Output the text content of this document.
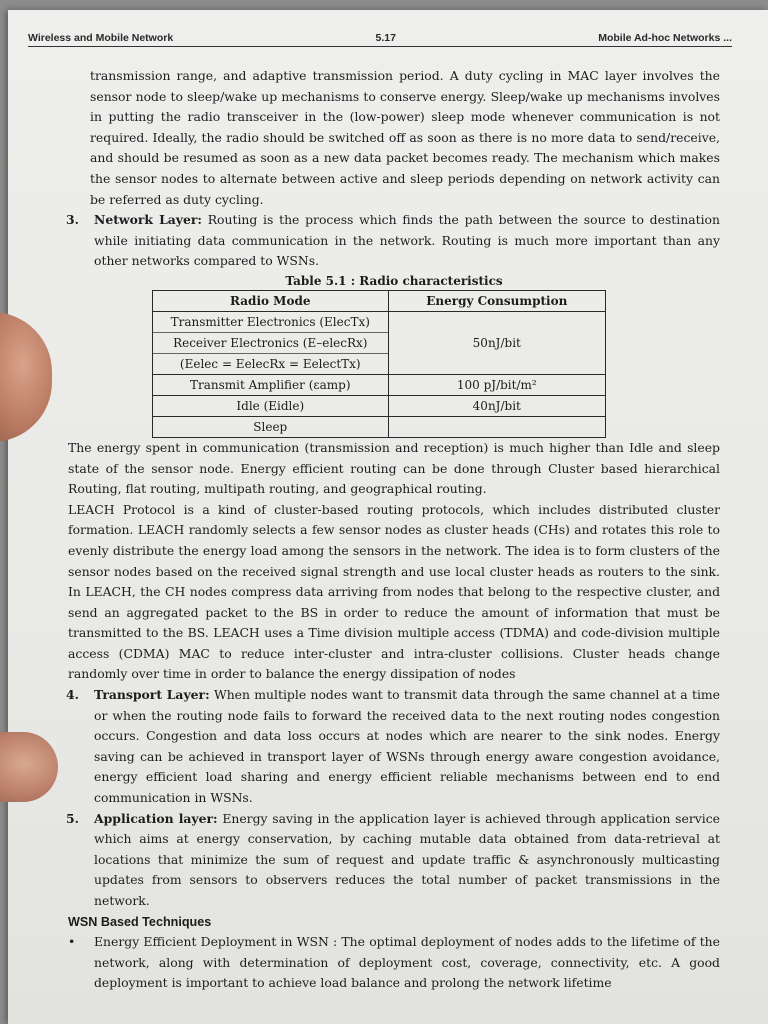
Wireless and Mobile Network	5.17	Mobile Ad-hoc Networks ...

transmission range, and adaptive transmission period. A duty cycling in MAC layer involves the sensor node to sleep/wake up mechanisms to conserve energy. Sleep/wake up mechanisms involves in putting the radio transceiver in the (low-power) sleep mode whenever communication is not required. Ideally, the radio should be switched off as soon as there is no more data to send/receive, and should be resumed as soon as a new data packet becomes ready. The mechanism which makes the sensor nodes to alternate between active and sleep periods depending on network activity can be referred as duty cycling.

3. Network Layer: Routing is the process which finds the path between the source to destination while initiating data communication in the network. Routing is much more important than any other networks compared to WSNs.

Table 5.1 : Radio characteristics

Radio Mode	Energy Consumption

Transmitter Electronics (ElecTx)
Receiver Electronics (E–elecRx)
(Eelec = EelecRx = EelectTx)	50nJ/bit
Transmit Amplifier (εamp)	100 pJ/bit/m²
Idle (Eidle)	40nJ/bit
Sleep	

The energy spent in communication (transmission and reception) is much higher than Idle and sleep state of the sensor node. Energy efficient routing can be done through Cluster based hierarchical Routing, flat routing, multipath routing, and geographical routing.

LEACH Protocol is a kind of cluster-based routing protocols, which includes distributed cluster formation. LEACH randomly selects a few sensor nodes as cluster heads (CHs) and rotates this role to evenly distribute the energy load among the sensors in the network. The idea is to form clusters of the sensor nodes based on the received signal strength and use local cluster heads as routers to the sink. In LEACH, the CH nodes compress data arriving from nodes that belong to the respective cluster, and send an aggregated packet to the BS in order to reduce the amount of information that must be transmitted to the BS. LEACH uses a Time division multiple access (TDMA) and code-division multiple access (CDMA) MAC to reduce inter-cluster and intra-cluster collisions. Cluster heads change randomly over time in order to balance the energy dissipation of nodes

4. Transport Layer: When multiple nodes want to transmit data through the same channel at a time or when the routing node fails to forward the received data to the next routing nodes congestion occurs. Congestion and data loss occurs at nodes which are nearer to the sink nodes. Energy saving can be achieved in transport layer of WSNs through energy aware congestion avoidance, energy efficient load sharing and energy efficient reliable mechanisms between end to end communication in WSNs.

5. Application layer: Energy saving in the application layer is achieved through application service which aims at energy conservation, by caching mutable data obtained from data-retrieval at locations that minimize the sum of request and update traffic & asynchronously multicasting updates from sensors to observers reduces the total number of packet transmissions in the network.

WSN Based Techniques

• Energy Efficient Deployment in WSN : The optimal deployment of nodes adds to the lifetime of the network, along with determination of deployment cost, coverage, connectivity, etc. A good deployment is important to achieve load balance and prolong the network lifetime
